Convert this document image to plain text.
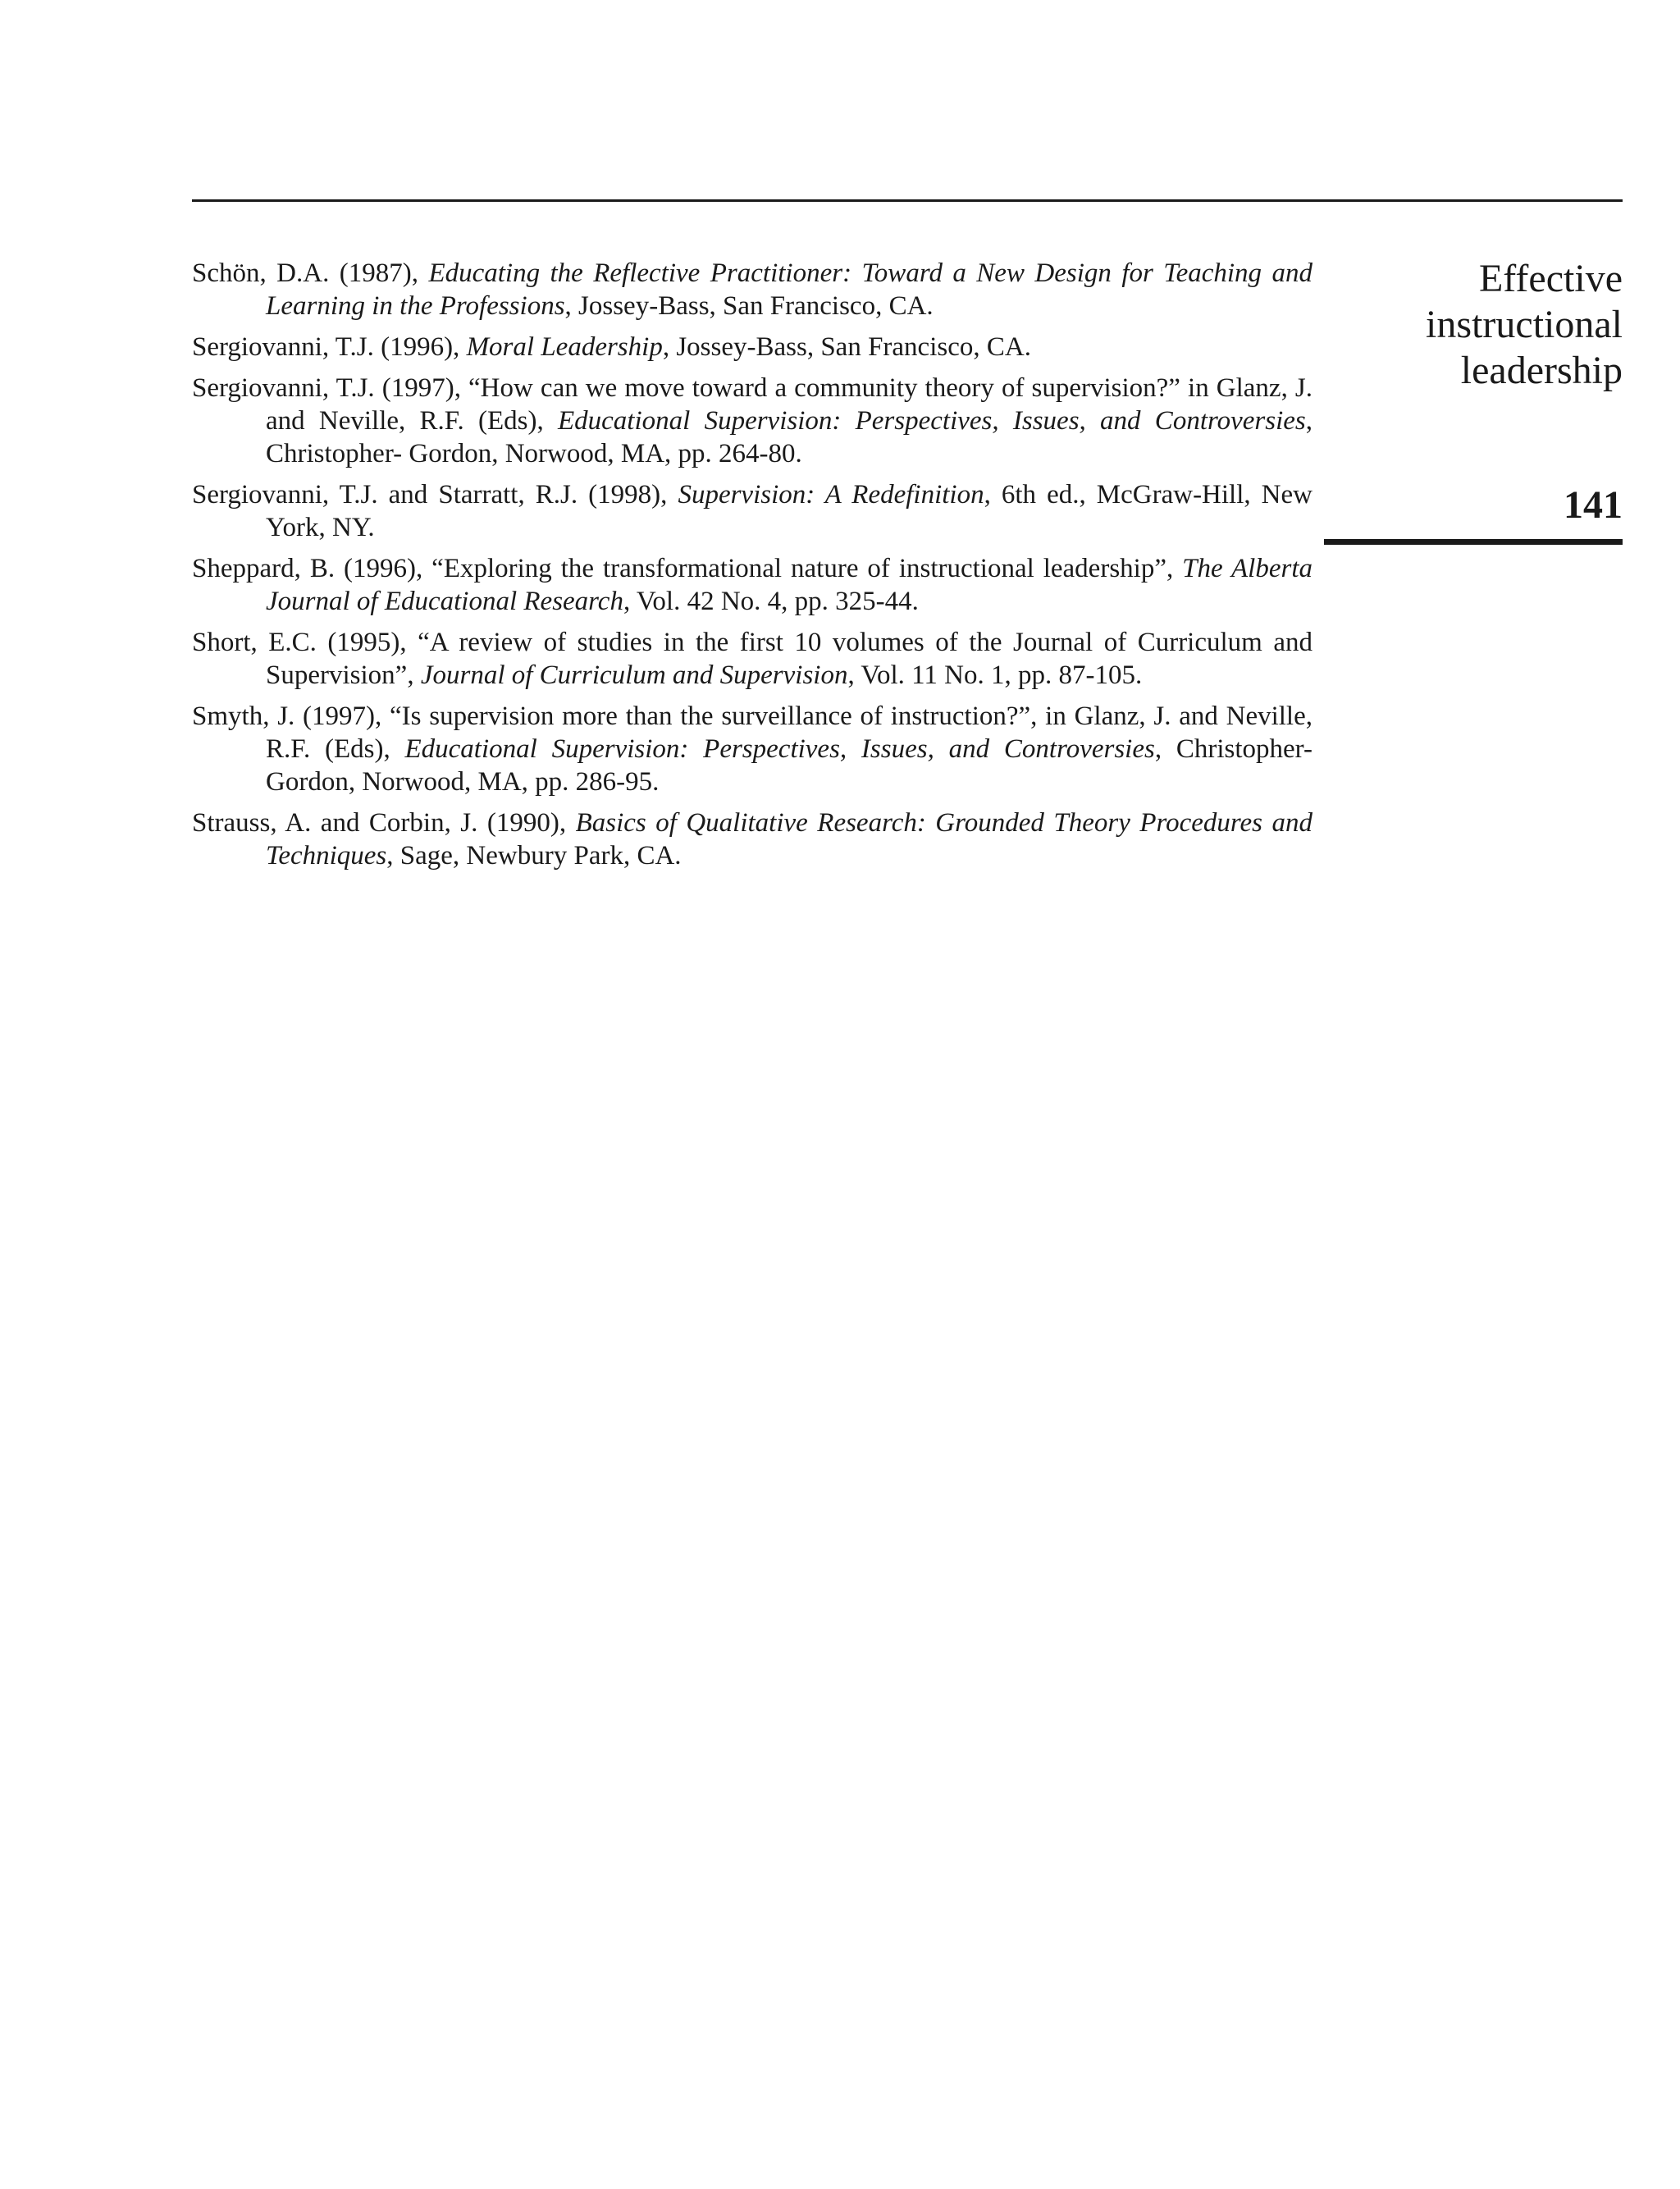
Schön, D.A. (1987), Educating the Reflective Practitioner: Toward a New Design for Teaching and Learning in the Professions, Jossey-Bass, San Francisco, CA.
Sergiovanni, T.J. (1996), Moral Leadership, Jossey-Bass, San Francisco, CA.
Sergiovanni, T.J. (1997), “How can we move toward a community theory of supervision?” in Glanz, J. and Neville, R.F. (Eds), Educational Supervision: Perspectives, Issues, and Controversies, Christopher- Gordon, Norwood, MA, pp. 264-80.
Sergiovanni, T.J. and Starratt, R.J. (1998), Supervision: A Redefinition, 6th ed., McGraw-Hill, New York, NY.
Sheppard, B. (1996), “Exploring the transformational nature of instructional leadership”, The Alberta Journal of Educational Research, Vol. 42 No. 4, pp. 325-44.
Short, E.C. (1995), “A review of studies in the first 10 volumes of the Journal of Curriculum and Supervision”, Journal of Curriculum and Supervision, Vol. 11 No. 1, pp. 87-105.
Smyth, J. (1997), “Is supervision more than the surveillance of instruction?”, in Glanz, J. and Neville, R.F. (Eds), Educational Supervision: Perspectives, Issues, and Controversies, Christopher-Gordon, Norwood, MA, pp. 286-95.
Strauss, A. and Corbin, J. (1990), Basics of Qualitative Research: Grounded Theory Procedures and Techniques, Sage, Newbury Park, CA.
Effective
instructional
leadership
141
